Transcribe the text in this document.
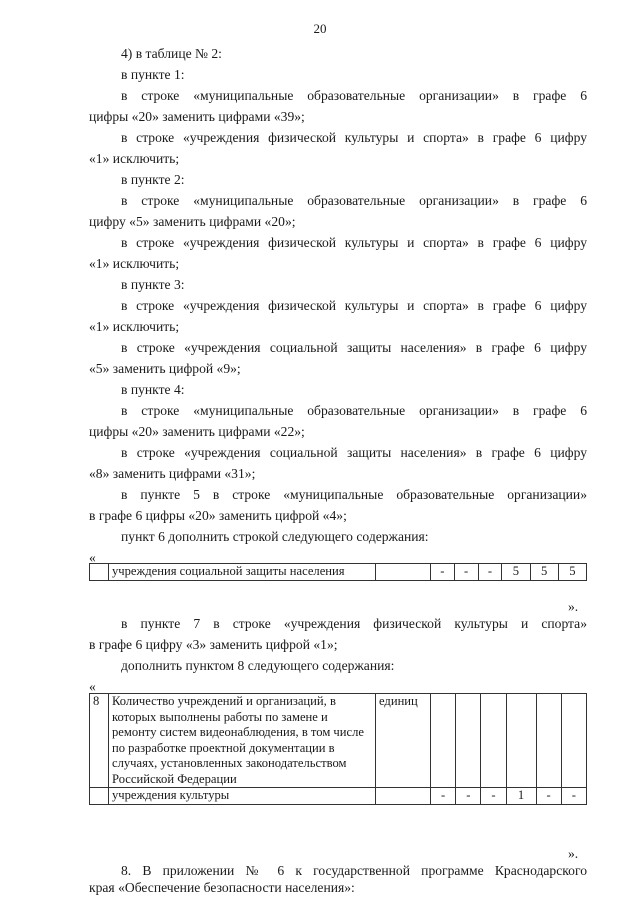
20
4) в таблице № 2:
в пункте 1:
в строке «муниципальные образовательные организации» в графе 6
цифры «20» заменить цифрами «39»;
в строке «учреждения физической культуры и спорта» в графе 6 цифру
«1» исключить;
в пункте 2:
в строке «муниципальные образовательные организации» в графе 6
цифру «5» заменить цифрами «20»;
в строке «учреждения физической культуры и спорта» в графе 6 цифру
«1» исключить;
в пункте 3:
в строке «учреждения физической культуры и спорта» в графе 6 цифру
«1» исключить;
в строке «учреждения социальной защиты населения» в графе 6 цифру
«5» заменить цифрой «9»;
в пункте 4:
в строке «муниципальные образовательные организации» в графе 6
цифры «20» заменить цифрами «22»;
в строке «учреждения социальной защиты населения» в графе 6 цифру
«8» заменить цифрами «31»;
в пункте 5 в строке «муниципальные образовательные организации»
в графе 6 цифры «20» заменить цифрой «4»;
пункт 6 дополнить строкой следующего содержания:
«
	учреждения социальной защиты населения		-	-	-	5	5	5
».
в пункте 7 в строке «учреждения физической культуры и спорта»
в графе 6 цифру «3» заменить цифрой «1»;
дополнить пунктом 8 следующего содержания:
«
8	Количество учреждений и организаций, в которых выполнены работы по замене и ремонту систем видеонаблюдения, в том числе по разработке проектной документации в случаях, установленных законодательством Российской Федерации	единиц						
	учреждения культуры		-	-	-	1	-	-
».
8. В приложении № 6 к государственной программе Краснодарского
края «Обеспечение безопасности населения»:
